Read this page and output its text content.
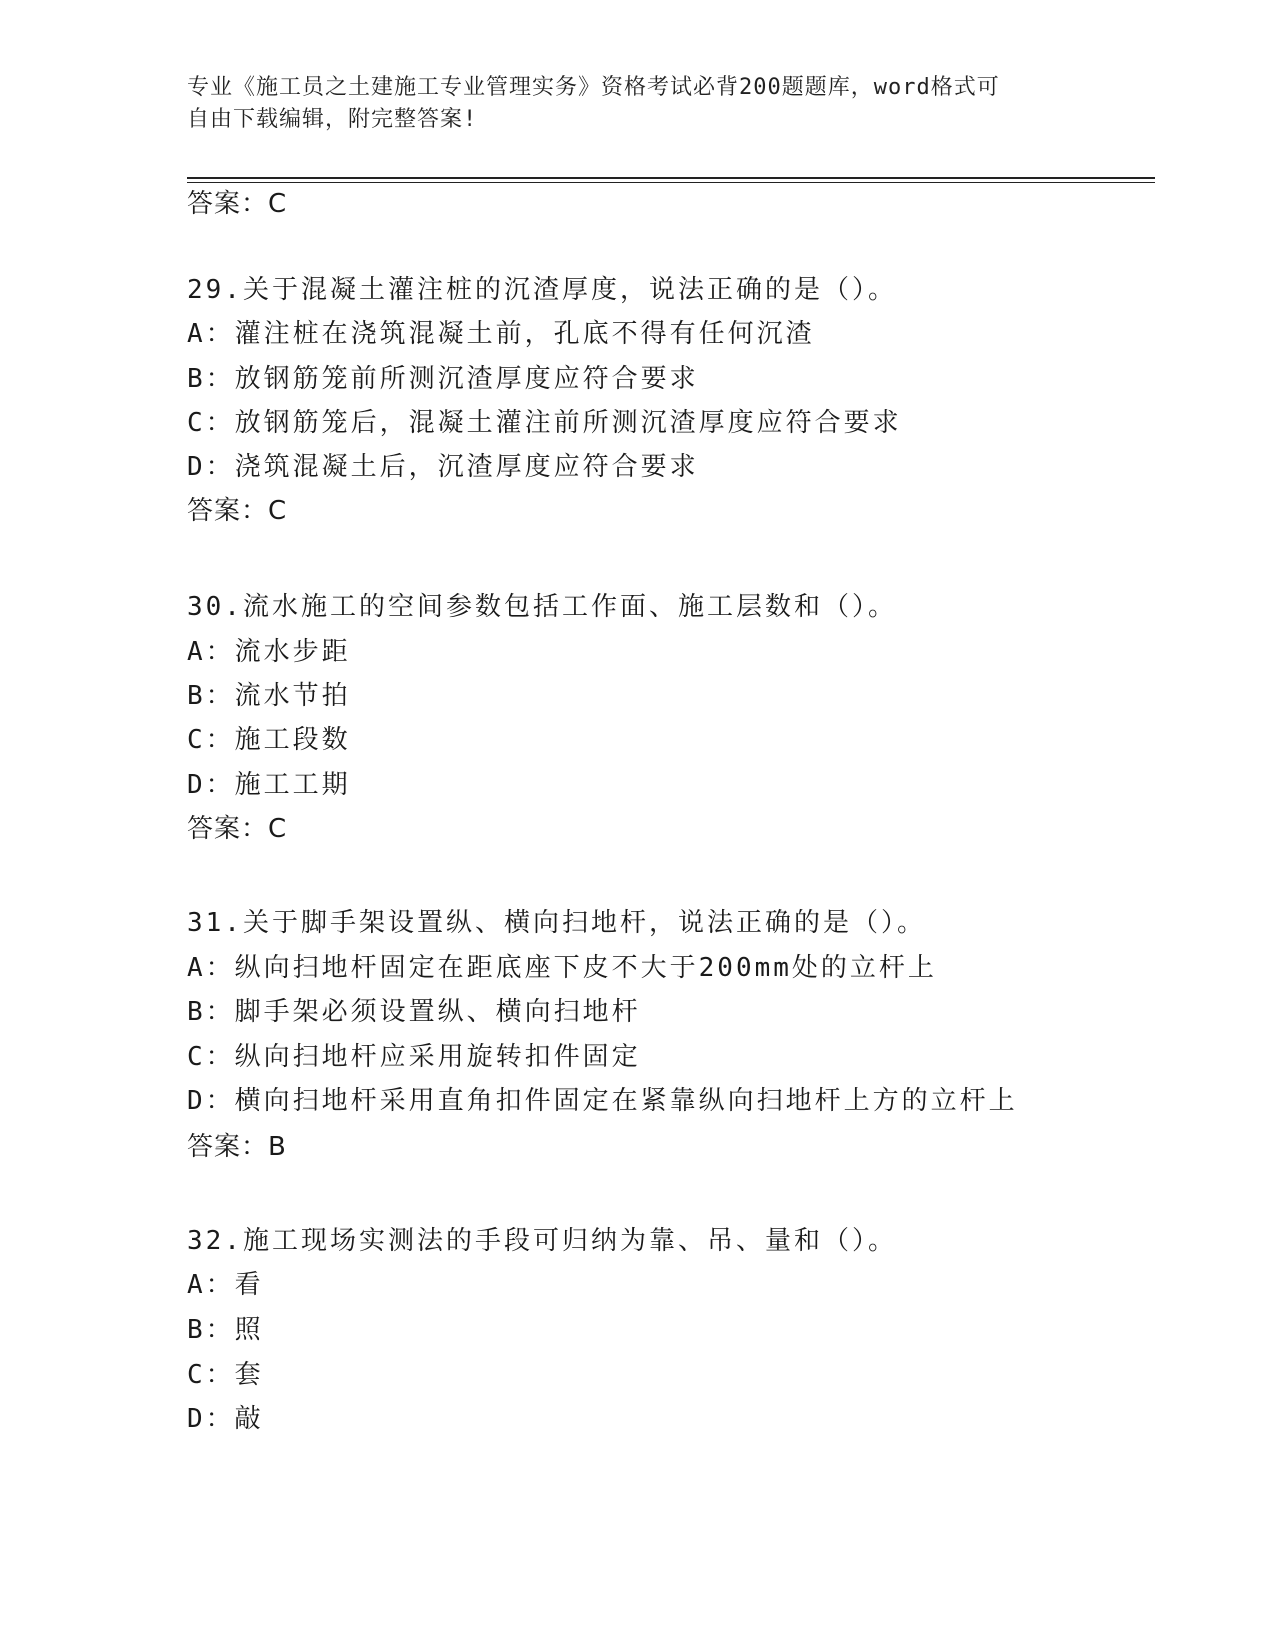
专业《施工员之土建施工专业管理实务》资格考试必背200题题库，word格式可
自由下载编辑，附完整答案!
答案：C
29.关于混凝土灌注桩的沉渣厚度，说法正确的是（）。
A：灌注桩在浇筑混凝土前，孔底不得有任何沉渣
B：放钢筋笼前所测沉渣厚度应符合要求
C：放钢筋笼后，混凝土灌注前所测沉渣厚度应符合要求
D：浇筑混凝土后，沉渣厚度应符合要求
答案：C
30.流水施工的空间参数包括工作面、施工层数和（）。
A：流水步距
B：流水节拍
C：施工段数
D：施工工期
答案：C
31.关于脚手架设置纵、横向扫地杆，说法正确的是（）。
A：纵向扫地杆固定在距底座下皮不大于200mm处的立杆上
B：脚手架必须设置纵、横向扫地杆
C：纵向扫地杆应采用旋转扣件固定
D：横向扫地杆采用直角扣件固定在紧靠纵向扫地杆上方的立杆上
答案：B
32.施工现场实测法的手段可归纳为靠、吊、量和（）。
A：看
B：照
C：套
D：敲
